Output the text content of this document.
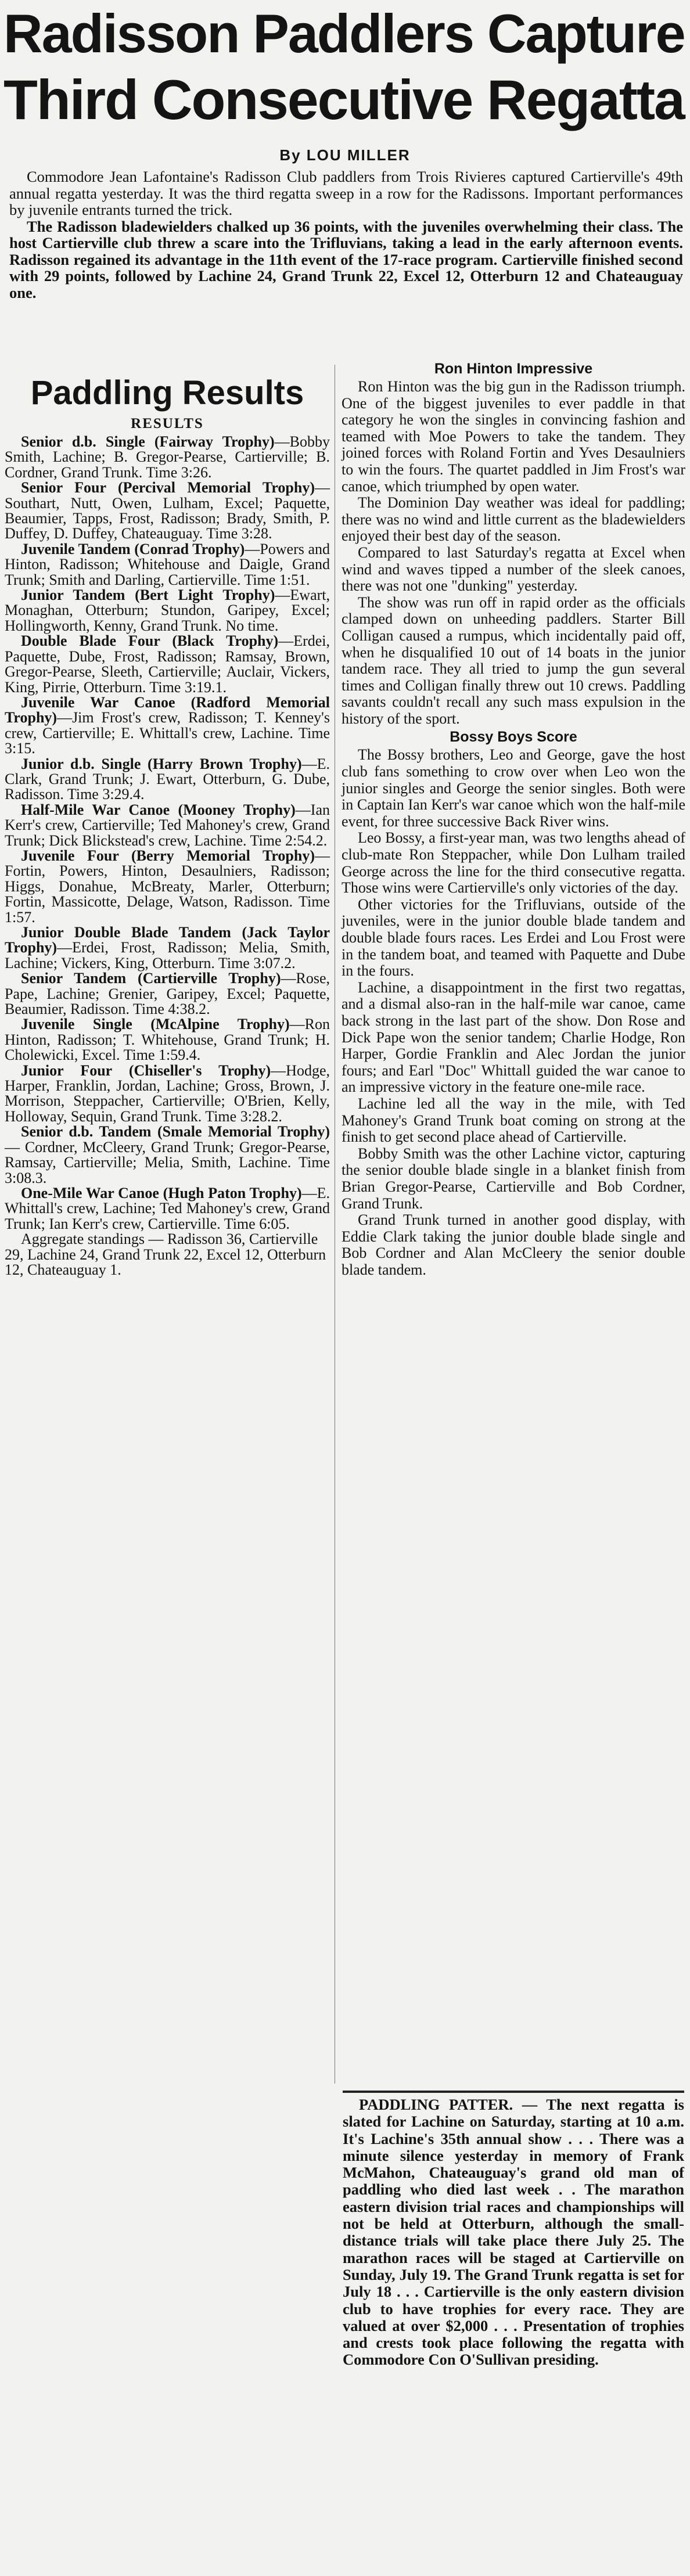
Radisson Paddlers Capture
Third Consecutive Regatta
By LOU MILLER

Commodore Jean Lafontaine's Radisson Club paddlers from Trois Rivieres captured Cartierville's 49th annual regatta yesterday. It was the third regatta sweep in a row for the Radissons. Important performances by juvenile entrants turned the trick.

The Radisson bladewielders chalked up 36 points, with the juveniles overwhelming their class. The host Cartierville club threw a scare into the Trifluvians, taking a lead in the early afternoon events. Radisson regained its advantage in the 11th event of the 17-race program. Cartierville finished second with 29 points, followed by Lachine 24, Grand Trunk 22, Excel 12, Otterburn 12 and Chateauguay one.

Paddling Results
RESULTS

Senior d.b. Single (Fairway Trophy)—Bobby Smith, Lachine; B. Gregor-Pearse, Cartierville; B. Cordner, Grand Trunk. Time 3:26.

Senior Four (Percival Memorial Trophy)—Southart, Nutt, Owen, Lulham, Excel; Paquette, Beaumier, Tapps, Frost, Radisson; Brady, Smith, P. Duffey, D. Duffey, Chateauguay. Time 3:28.

Juvenile Tandem (Conrad Trophy)—Powers and Hinton, Radisson; Whitehouse and Daigle, Grand Trunk; Smith and Darling, Cartierville. Time 1:51.

Junior Tandem (Bert Light Trophy)—Ewart, Monaghan, Otterburn; Stundon, Garipey, Excel; Hollingworth, Kenny, Grand Trunk. No time.

Double Blade Four (Black Trophy)—Erdei, Paquette, Dube, Frost, Radisson; Ramsay, Brown, Gregor-Pearse, Sleeth, Cartierville; Auclair, Vickers, King, Pirrie, Otterburn. Time 3:19.1.

Juvenile War Canoe (Radford Memorial Trophy)—Jim Frost's crew, Radisson; T. Kenney's crew, Cartierville; E. Whittall's crew, Lachine. Time 3:15.

Junior d.b. Single (Harry Brown Trophy)—E. Clark, Grand Trunk; J. Ewart, Otterburn, G. Dube, Radisson. Time 3:29.4.

Half-Mile War Canoe (Mooney Trophy)—Ian Kerr's crew, Cartierville; Ted Mahoney's crew, Grand Trunk; Dick Blickstead's crew, Lachine. Time 2:54.2.

Juvenile Four (Berry Memorial Trophy)—Fortin, Powers, Hinton, Desaulniers, Radisson; Higgs, Donahue, McBreaty, Marler, Otterburn; Fortin, Massicotte, Delage, Watson, Radisson. Time 1:57.

Junior Double Blade Tandem (Jack Taylor Trophy)—Erdei, Frost, Radisson; Melia, Smith, Lachine; Vickers, King, Otterburn. Time 3:07.2.

Senior Tandem (Cartierville Trophy)—Rose, Pape, Lachine; Grenier, Garipey, Excel; Paquette, Beaumier, Radisson. Time 4:38.2.

Juvenile Single (McAlpine Trophy)—Ron Hinton, Radisson; T. Whitehouse, Grand Trunk; H. Cholewicki, Excel. Time 1:59.4.

Junior Four (Chiseller's Trophy)—Hodge, Harper, Franklin, Jordan, Lachine; Gross, Brown, J. Morrison, Steppacher, Cartierville; O'Brien, Kelly, Holloway, Sequin, Grand Trunk. Time 3:28.2.

Senior d.b. Tandem (Smale Memorial Trophy)— Cordner, McCleery, Grand Trunk; Gregor-Pearse, Ramsay, Cartierville; Melia, Smith, Lachine. Time 3:08.3.

One-Mile War Canoe (Hugh Paton Trophy)—E. Whittall's crew, Lachine; Ted Mahoney's crew, Grand Trunk; Ian Kerr's crew, Cartierville. Time 6:05.

Aggregate standings — Radisson 36, Cartierville 29, Lachine 24, Grand Trunk 22, Excel 12, Otterburn 12, Chateauguay 1.

Ron Hinton Impressive

Ron Hinton was the big gun in the Radisson triumph. One of the biggest juveniles to ever paddle in that category he won the singles in convincing fashion and teamed with Moe Powers to take the tandem. They joined forces with Roland Fortin and Yves Desaulniers to win the fours. The quartet paddled in Jim Frost's war canoe, which triumphed by open water.

The Dominion Day weather was ideal for paddling; there was no wind and little current as the bladewielders enjoyed their best day of the season.

Compared to last Saturday's regatta at Excel when wind and waves tipped a number of the sleek canoes, there was not one "dunking" yesterday.

The show was run off in rapid order as the officials clamped down on unheeding paddlers. Starter Bill Colligan caused a rumpus, which incidentally paid off, when he disqualified 10 out of 14 boats in the junior tandem race. They all tried to jump the gun several times and Colligan finally threw out 10 crews. Paddling savants couldn't recall any such mass expulsion in the history of the sport.

Bossy Boys Score

The Bossy brothers, Leo and George, gave the host club fans something to crow over when Leo won the junior singles and George the senior singles. Both were in Captain Ian Kerr's war canoe which won the half-mile event, for three successive Back River wins.

Leo Bossy, a first-year man, was two lengths ahead of club-mate Ron Steppacher, while Don Lulham trailed George across the line for the third consecutive regatta. Those wins were Cartierville's only victories of the day.

Other victories for the Trifluvians, outside of the juveniles, were in the junior double blade tandem and double blade fours races. Les Erdei and Lou Frost were in the tandem boat, and teamed with Paquette and Dube in the fours.

Lachine, a disappointment in the first two regattas, and a dismal also-ran in the half-mile war canoe, came back strong in the last part of the show. Don Rose and Dick Pape won the senior tandem; Charlie Hodge, Ron Harper, Gordie Franklin and Alec Jordan the junior fours; and Earl "Doc" Whittall guided the war canoe to an impressive victory in the feature one-mile race.

Lachine led all the way in the mile, with Ted Mahoney's Grand Trunk boat coming on strong at the finish to get second place ahead of Cartierville.

Bobby Smith was the other Lachine victor, capturing the senior double blade single in a blanket finish from Brian Gregor-Pearse, Cartierville and Bob Cordner, Grand Trunk.

Grand Trunk turned in another good display, with Eddie Clark taking the junior double blade single and Bob Cordner and Alan McCleery the senior double blade tandem.

PADDLING PATTER. — The next regatta is slated for Lachine on Saturday, starting at 10 a.m. It's Lachine's 35th annual show . . . There was a minute silence yesterday in memory of Frank McMahon, Chateauguay's grand old man of paddling who died last week . . The marathon eastern division trial races and championships will not be held at Otterburn, although the small-distance trials will take place there July 25. The marathon races will be staged at Cartierville on Sunday, July 19. The Grand Trunk regatta is set for July 18 . . . Cartierville is the only eastern division club to have trophies for every race. They are valued at over $2,000 . . . Presentation of trophies and crests took place following the regatta with Commodore Con O'Sullivan presiding.
